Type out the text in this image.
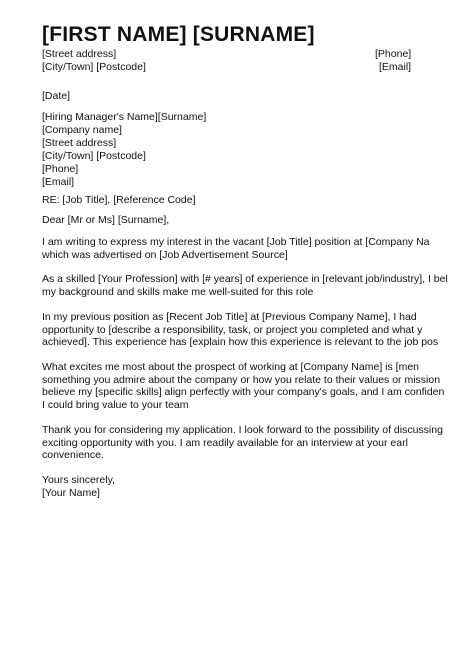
[FIRST NAME] [SURNAME]
[Street address]
[City/Town] [Postcode]
[Phone]
[Email]
[Date]
[Hiring Manager's Name][Surname]
[Company name]
[Street address]
[City/Town] [Postcode]
[Phone]
[Email]
RE: [Job Title], [Reference Code]
Dear [Mr or Ms] [Surname],
I am writing to express my interest in the vacant [Job Title] position at [Company Na
which was advertised on [Job Advertisement Source]
As a skilled [Your Profession] with [# years] of experience in [relevant job/industry], I bel
my background and skills make me well-suited for this role
In my previous position as [Recent Job Title] at [Previous Company Name], I had
opportunity to [describe a responsibility, task, or project you completed and what y
achieved]. This experience has [explain how this experience is relevant to the job pos
What excites me most about the prospect of working at [Company Name] is [men
something you admire about the company or how you relate to their values or mission
believe my [specific skills] align perfectly with your company's goals, and I am confiden
I could bring value to your team
Thank you for considering my application. I look forward to the possibility of discussing
exciting opportunity with you. I am readily available for an interview at your earl
convenience.
Yours sincerely,
[Your Name]
